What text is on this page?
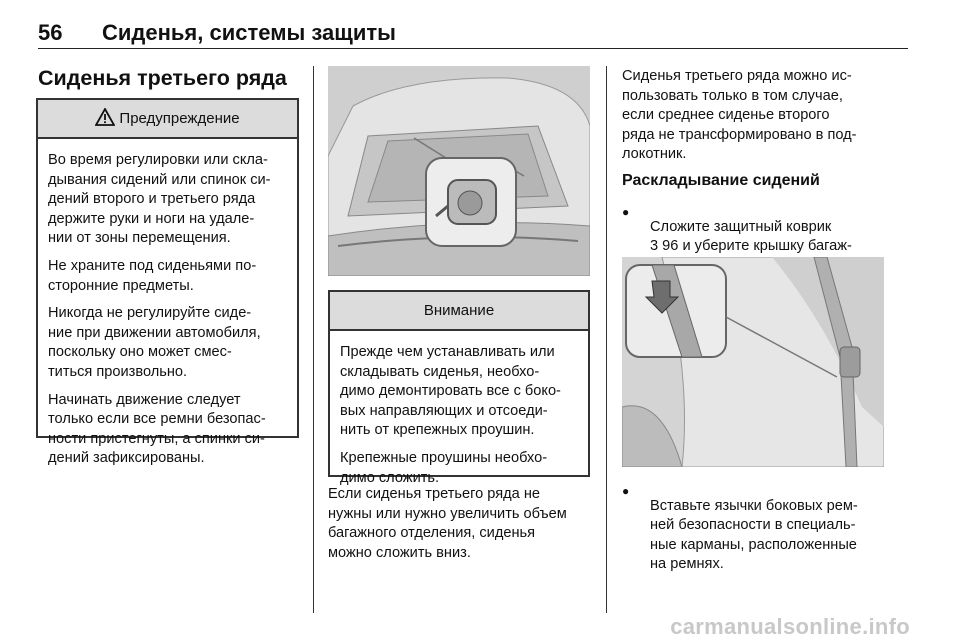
56 Сиденья, системы защиты
Сиденья третьего ряда
Предупреждение

Во время регулировки или скла-
дывания сидений или спинок си-
дений второго и третьего ряда
держите руки и ноги на удале-
нии от зоны перемещения.

Не храните под сиденьями по-
сторонние предметы.

Никогда не регулируйте сиде-
ние при движении автомобиля,
поскольку оно может смес-
титься произвольно.

Начинать движение следует
только если все ремни безопас-
ности пристегнуты, а спинки си-
дений зафиксированы.

Внимание

Прежде чем устанавливать или
складывать сиденья, необхо-
димо демонтировать все с боко-
вых направляющих и отсоеди-
нить от крепежных проушин.

Крепежные проушины необхо-
димо сложить.

Если сиденья третьего ряда не
нужны или нужно увеличить объем
багажного отделения, сиденья
можно сложить вниз.

Сиденья третьего ряда можно ис-
пользовать только в том случае,
если среднее сиденье второго
ряда не трансформировано в под-
локотник.

Раскладывание сидений
●

Сложите защитный коврик
3 96 и уберите крышку багаж-

●

Вставьте язычки боковых рем-
ней безопасности в специаль-
ные карманы, расположенные
на ремнях.

carmanualsonline.info
